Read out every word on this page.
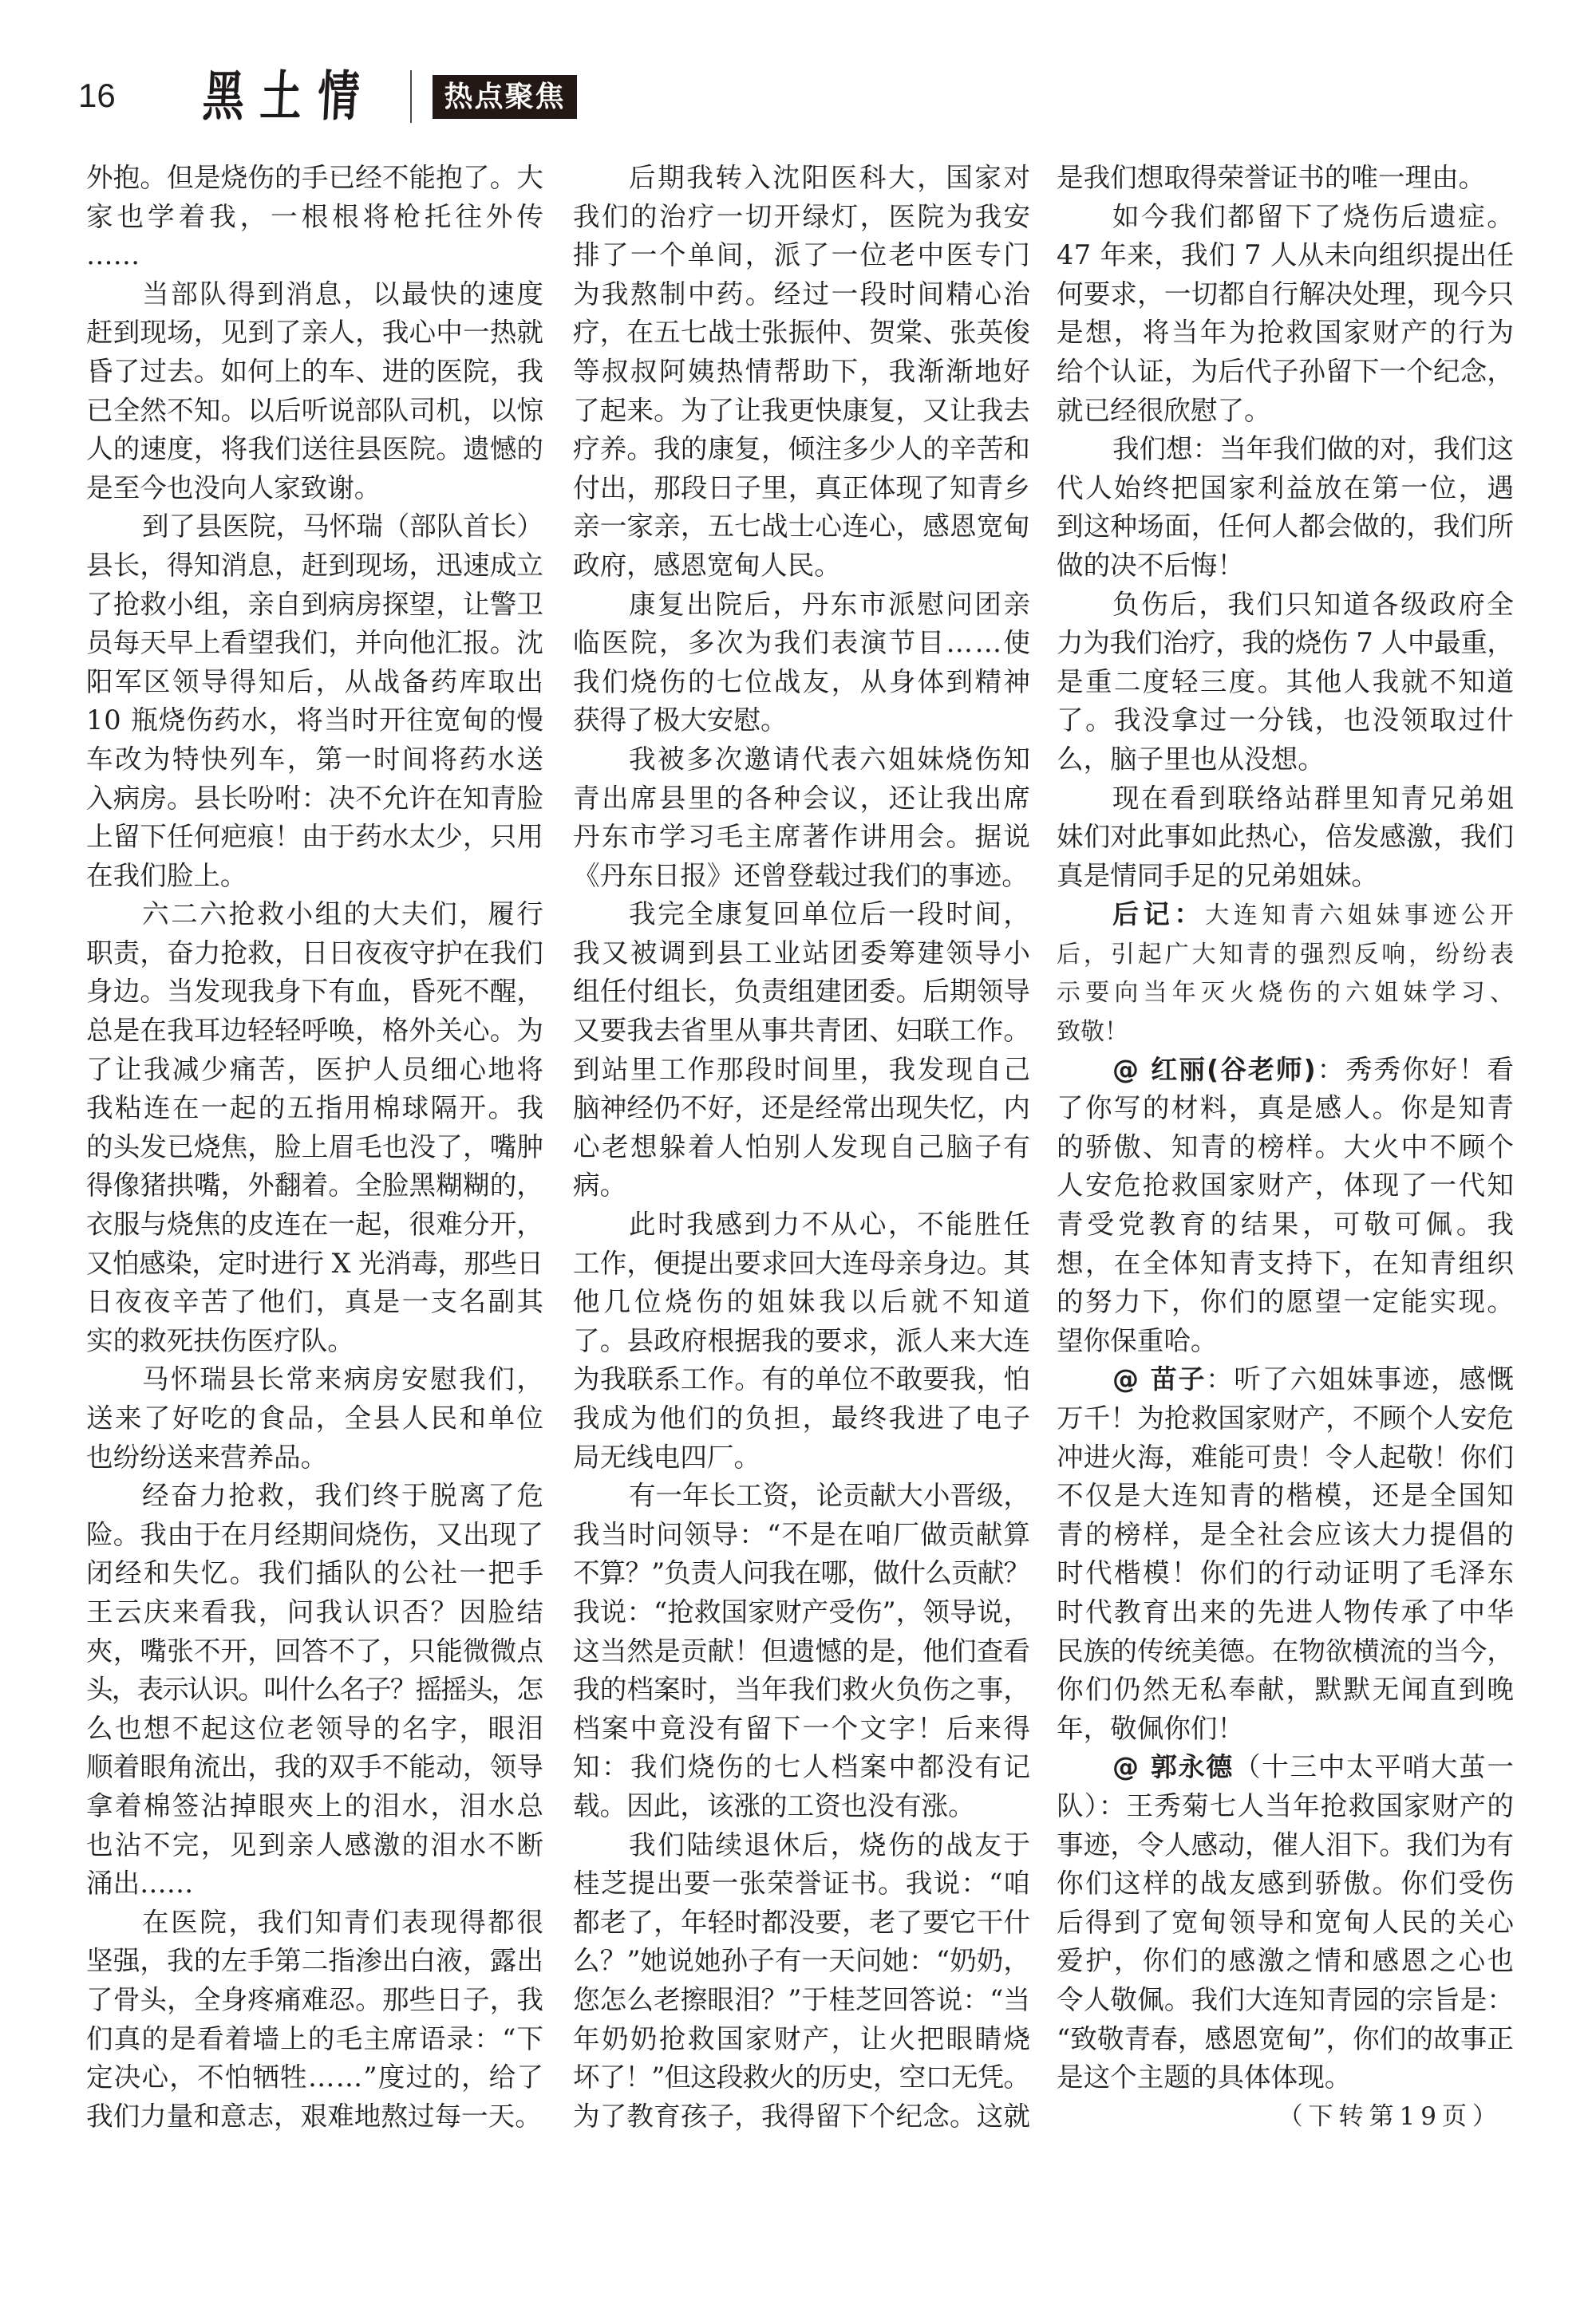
16 黑土情	热点聚焦
外抱。但是烧伤的手已经不能抱了。大
家也学着我，一根根将枪托往外传
……
当部队得到消息，以最快的速度
赶到现场，见到了亲人，我心中一热就
昏了过去。如何上的车、进的医院，我
已全然不知。以后听说部队司机，以惊
人的速度，将我们送往县医院。遗憾的
是至今也没向人家致谢。
到了县医院，马怀瑞（部队首长）
县长，得知消息，赶到现场，迅速成立
了抢救小组，亲自到病房探望，让警卫
员每天早上看望我们，并向他汇报。沈
阳军区领导得知后，从战备药库取出
10 瓶烧伤药水，将当时开往宽甸的慢
车改为特快列车，第一时间将药水送
入病房。县长吩咐：决不允许在知青脸
上留下任何疤痕！由于药水太少，只用
在我们脸上。
六二六抢救小组的大夫们，履行
职责，奋力抢救，日日夜夜守护在我们
身边。当发现我身下有血，昏死不醒，
总是在我耳边轻轻呼唤，格外关心。为
了让我减少痛苦，医护人员细心地将
我粘连在一起的五指用棉球隔开。我
的头发已烧焦，脸上眉毛也没了，嘴肿
得像猪拱嘴，外翻着。全脸黑糊糊的，
衣服与烧焦的皮连在一起，很难分开，
又怕感染，定时进行 X 光消毒，那些日
日夜夜辛苦了他们，真是一支名副其
实的救死扶伤医疗队。
马怀瑞县长常来病房安慰我们，
送来了好吃的食品，全县人民和单位
也纷纷送来营养品。
经奋力抢救，我们终于脱离了危
险。我由于在月经期间烧伤，又出现了
闭经和失忆。我们插队的公社一把手
王云庆来看我，问我认识否？因脸结
夾，嘴张不开，回答不了，只能微微点
头，表示认识。叫什么名子？摇摇头，怎
么也想不起这位老领导的名字，眼泪
顺着眼角流出，我的双手不能动，领导
拿着棉签沾掉眼夾上的泪水，泪水总
也沾不完，见到亲人感激的泪水不断
涌出……
在医院，我们知青们表现得都很
坚强，我的左手第二指渗出白液，露出
了骨头，全身疼痛难忍。那些日子，我
们真的是看着墙上的毛主席语录：“下
定决心，不怕牺牲……”度过的，给了
我们力量和意志，艰难地熬过每一天。
后期我转入沈阳医科大，国家对
我们的治疗一切开绿灯，医院为我安
排了一个单间，派了一位老中医专门
为我熬制中药。经过一段时间精心治
疗，在五七战士张振仲、贺棠、张英俊
等叔叔阿姨热情帮助下，我渐渐地好
了起来。为了让我更快康复，又让我去
疗养。我的康复，倾注多少人的辛苦和
付出，那段日子里，真正体现了知青乡
亲一家亲，五七战士心连心，感恩宽甸
政府，感恩宽甸人民。
康复出院后，丹东市派慰问团亲
临医院，多次为我们表演节目……使
我们烧伤的七位战友，从身体到精神
获得了极大安慰。
我被多次邀请代表六姐妹烧伤知
青出席县里的各种会议，还让我出席
丹东市学习毛主席著作讲用会。据说
《丹东日报》还曾登载过我们的事迹。
我完全康复回单位后一段时间，
我又被调到县工业站团委筹建领导小
组任付组长，负责组建团委。后期领导
又要我去省里从事共青团、妇联工作。
到站里工作那段时间里，我发现自己
脑神经仍不好，还是经常出现失忆，内
心老想躲着人怕别人发现自己脑子有
病。
此时我感到力不从心，不能胜任
工作，便提出要求回大连母亲身边。其
他几位烧伤的姐妹我以后就不知道
了。县政府根据我的要求，派人来大连
为我联系工作。有的单位不敢要我，怕
我成为他们的负担，最终我进了电子
局无线电四厂。
有一年长工资，论贡献大小晋级，
我当时问领导：“不是在咱厂做贡献算
不算？”负责人问我在哪，做什么贡献？
我说：“抢救国家财产受伤”，领导说，
这当然是贡献！但遗憾的是，他们查看
我的档案时，当年我们救火负伤之事，
档案中竟没有留下一个文字！后来得
知：我们烧伤的七人档案中都没有记
载。因此，该涨的工资也没有涨。
我们陆续退休后，烧伤的战友于
桂芝提出要一张荣誉证书。我说：“咱
都老了，年轻时都没要，老了要它干什
么？”她说她孙子有一天问她：“奶奶，
您怎么老擦眼泪？”于桂芝回答说：“当
年奶奶抢救国家财产，让火把眼睛烧
坏了！”但这段救火的历史，空口无凭。
为了教育孩子，我得留下个纪念。这就
是我们想取得荣誉证书的唯一理由。
如今我们都留下了烧伤后遗症。
47 年来，我们 7 人从未向组织提出任
何要求，一切都自行解决处理，现今只
是想，将当年为抢救国家财产的行为
给个认证，为后代子孙留下一个纪念，
就已经很欣慰了。
我们想：当年我们做的对，我们这
代人始终把国家利益放在第一位，遇
到这种场面，任何人都会做的，我们所
做的决不后悔！
负伤后，我们只知道各级政府全
力为我们治疗，我的烧伤 7 人中最重，
是重二度轻三度。其他人我就不知道
了。我没拿过一分钱，也没领取过什
么，脑子里也从没想。
现在看到联络站群里知青兄弟姐
妹们对此事如此热心，倍发感激，我们
真是情同手足的兄弟姐妹。
后记：大连知青六姐妹事迹公开
后，引起广大知青的强烈反响，纷纷表
示要向当年灭火烧伤的六姐妹学习、
致敬！
@ 红丽(谷老师)：秀秀你好！看
了你写的材料，真是感人。你是知青
的骄傲、知青的榜样。大火中不顾个
人安危抢救国家财产，体现了一代知
青受党教育的结果，可敬可佩。我
想，在全体知青支持下，在知青组织
的努力下，你们的愿望一定能实现。
望你保重哈。
@ 苗子：听了六姐妹事迹，感慨
万千！为抢救国家财产，不顾个人安危
冲进火海，难能可贵！令人起敬！你们
不仅是大连知青的楷模，还是全国知
青的榜样，是全社会应该大力提倡的
时代楷模！你们的行动证明了毛泽东
时代教育出来的先进人物传承了中华
民族的传统美德。在物欲横流的当今，
你们仍然无私奉献，默默无闻直到晚
年，敬佩你们！
@ 郭永德（十三中太平哨大茧一
队）：王秀菊七人当年抢救国家财产的
事迹，令人感动，催人泪下。我们为有
你们这样的战友感到骄傲。你们受伤
后得到了宽甸领导和宽甸人民的关心
爱护，你们的感激之情和感恩之心也
令人敬佩。我们大连知青园的宗旨是：
“致敬青春，感恩宽甸”，你们的故事正
是这个主题的具体体现。
（下转第19页）
